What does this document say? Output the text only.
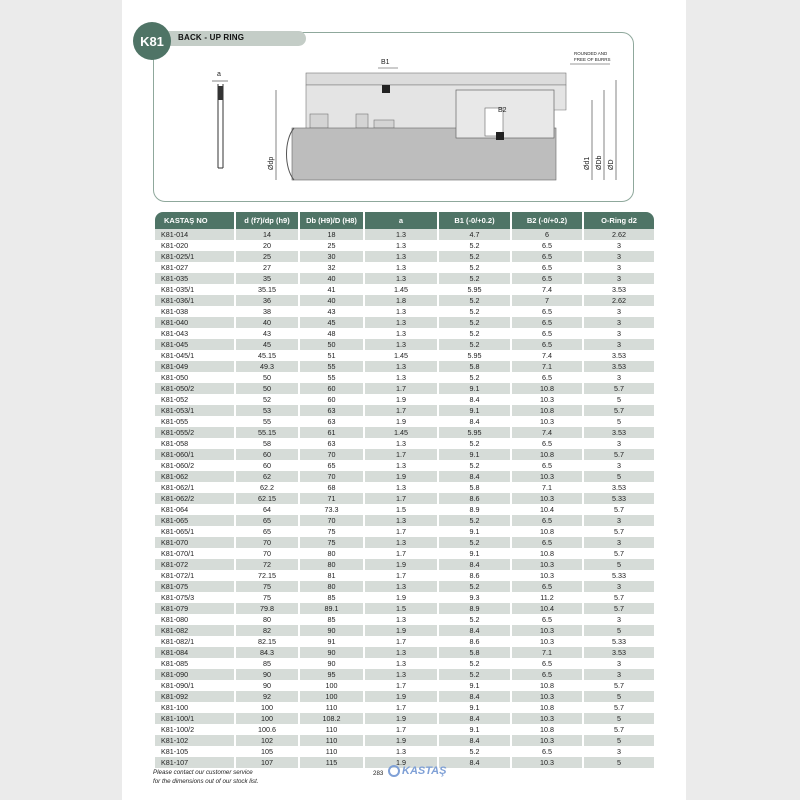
K81	BACK - UP RING
a
B1
B2
Ød1 ØDb ØD
Ødp
ROUNDED AND
FREE OF BURRS
KASTAŞ NO	d (f7)/dp (h9)	Db (H9)/D (H8)	a	B1 (-0/+0.2)	B2 (-0/+0.2)	O-Ring d2
K81-014	14	18	1.3	4.7	6	2.62
K81-020	20	25	1.3	5.2	6.5	3
K81-025/1	25	30	1.3	5.2	6.5	3
K81-027	27	32	1.3	5.2	6.5	3
K81-035	35	40	1.3	5.2	6.5	3
K81-035/1	35.15	41	1.45	5.95	7.4	3.53
K81-036/1	36	40	1.8	5.2	7	2.62
K81-038	38	43	1.3	5.2	6.5	3
K81-040	40	45	1.3	5.2	6.5	3
K81-043	43	48	1.3	5.2	6.5	3
K81-045	45	50	1.3	5.2	6.5	3
K81-045/1	45.15	51	1.45	5.95	7.4	3.53
K81-049	49.3	55	1.3	5.8	7.1	3.53
K81-050	50	55	1.3	5.2	6.5	3
K81-050/2	50	60	1.7	9.1	10.8	5.7
K81-052	52	60	1.9	8.4	10.3	5
K81-053/1	53	63	1.7	9.1	10.8	5.7
K81-055	55	63	1.9	8.4	10.3	5
K81-055/2	55.15	61	1.45	5.95	7.4	3.53
K81-058	58	63	1.3	5.2	6.5	3
K81-060/1	60	70	1.7	9.1	10.8	5.7
K81-060/2	60	65	1.3	5.2	6.5	3
K81-062	62	70	1.9	8.4	10.3	5
K81-062/1	62.2	68	1.3	5.8	7.1	3.53
K81-062/2	62.15	71	1.7	8.6	10.3	5.33
K81-064	64	73.3	1.5	8.9	10.4	5.7
K81-065	65	70	1.3	5.2	6.5	3
K81-065/1	65	75	1.7	9.1	10.8	5.7
K81-070	70	75	1.3	5.2	6.5	3
K81-070/1	70	80	1.7	9.1	10.8	5.7
K81-072	72	80	1.9	8.4	10.3	5
K81-072/1	72.15	81	1.7	8.6	10.3	5.33
K81-075	75	80	1.3	5.2	6.5	3
K81-075/3	75	85	1.9	9.3	11.2	5.7
K81-079	79.8	89.1	1.5	8.9	10.4	5.7
K81-080	80	85	1.3	5.2	6.5	3
K81-082	82	90	1.9	8.4	10.3	5
K81-082/1	82.15	91	1.7	8.6	10.3	5.33
K81-084	84.3	90	1.3	5.8	7.1	3.53
K81-085	85	90	1.3	5.2	6.5	3
K81-090	90	95	1.3	5.2	6.5	3
K81-090/1	90	100	1.7	9.1	10.8	5.7
K81-092	92	100	1.9	8.4	10.3	5
K81-100	100	110	1.7	9.1	10.8	5.7
K81-100/1	100	108.2	1.9	8.4	10.3	5
K81-100/2	100.6	110	1.7	9.1	10.8	5.7
K81-102	102	110	1.9	8.4	10.3	5
K81-105	105	110	1.3	5.2	6.5	3
K81-107	107	115	1.9	8.4	10.3	5
Please contact our customer service
for the dimensions out of our stock list.
283 KASTAŞ
